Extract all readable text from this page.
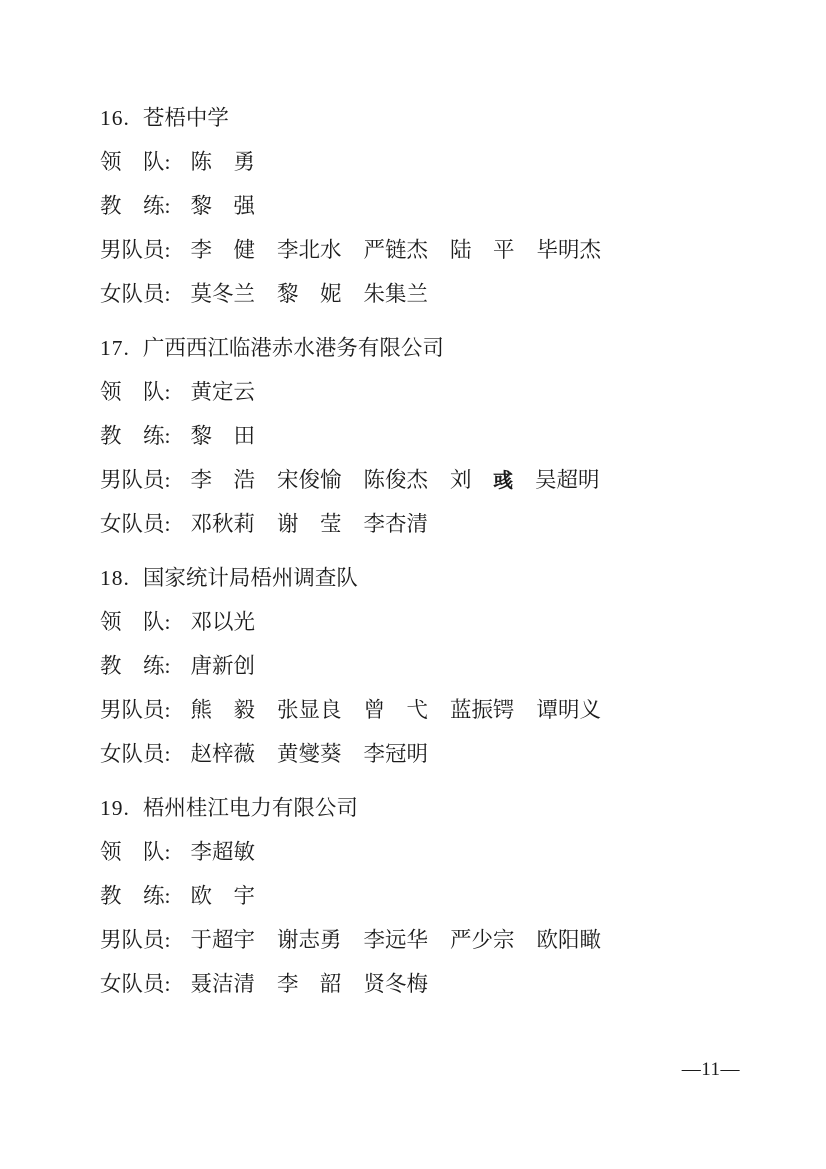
16. 苍梧中学
领　队: 陈　勇
教　练: 黎　强
男队员: 李　健 李北水 严链杰 陆　平 毕明杰
女队员: 莫冬兰 黎　妮 朱集兰
17. 广西西江临港赤水港务有限公司
领　队: 黄定云
教　练: 黎　田
男队员: 李　浩 宋俊愉 陈俊杰 刘　彧 吴超明
女队员: 邓秋莉 谢　莹 李杏清
18. 国家统计局梧州调查队
领　队: 邓以光
教　练: 唐新创
男队员: 熊　毅 张显良 曾　弋 蓝振锷 谭明义
女队员: 赵梓薇 黄燮葵 李冠明
19. 梧州桂江电力有限公司
领　队: 李超敏
教　练: 欧　宇
男队员: 于超宇 谢志勇 李远华 严少宗 欧阳瞰
女队员: 聂洁清 李　韶 贤冬梅
—11—
